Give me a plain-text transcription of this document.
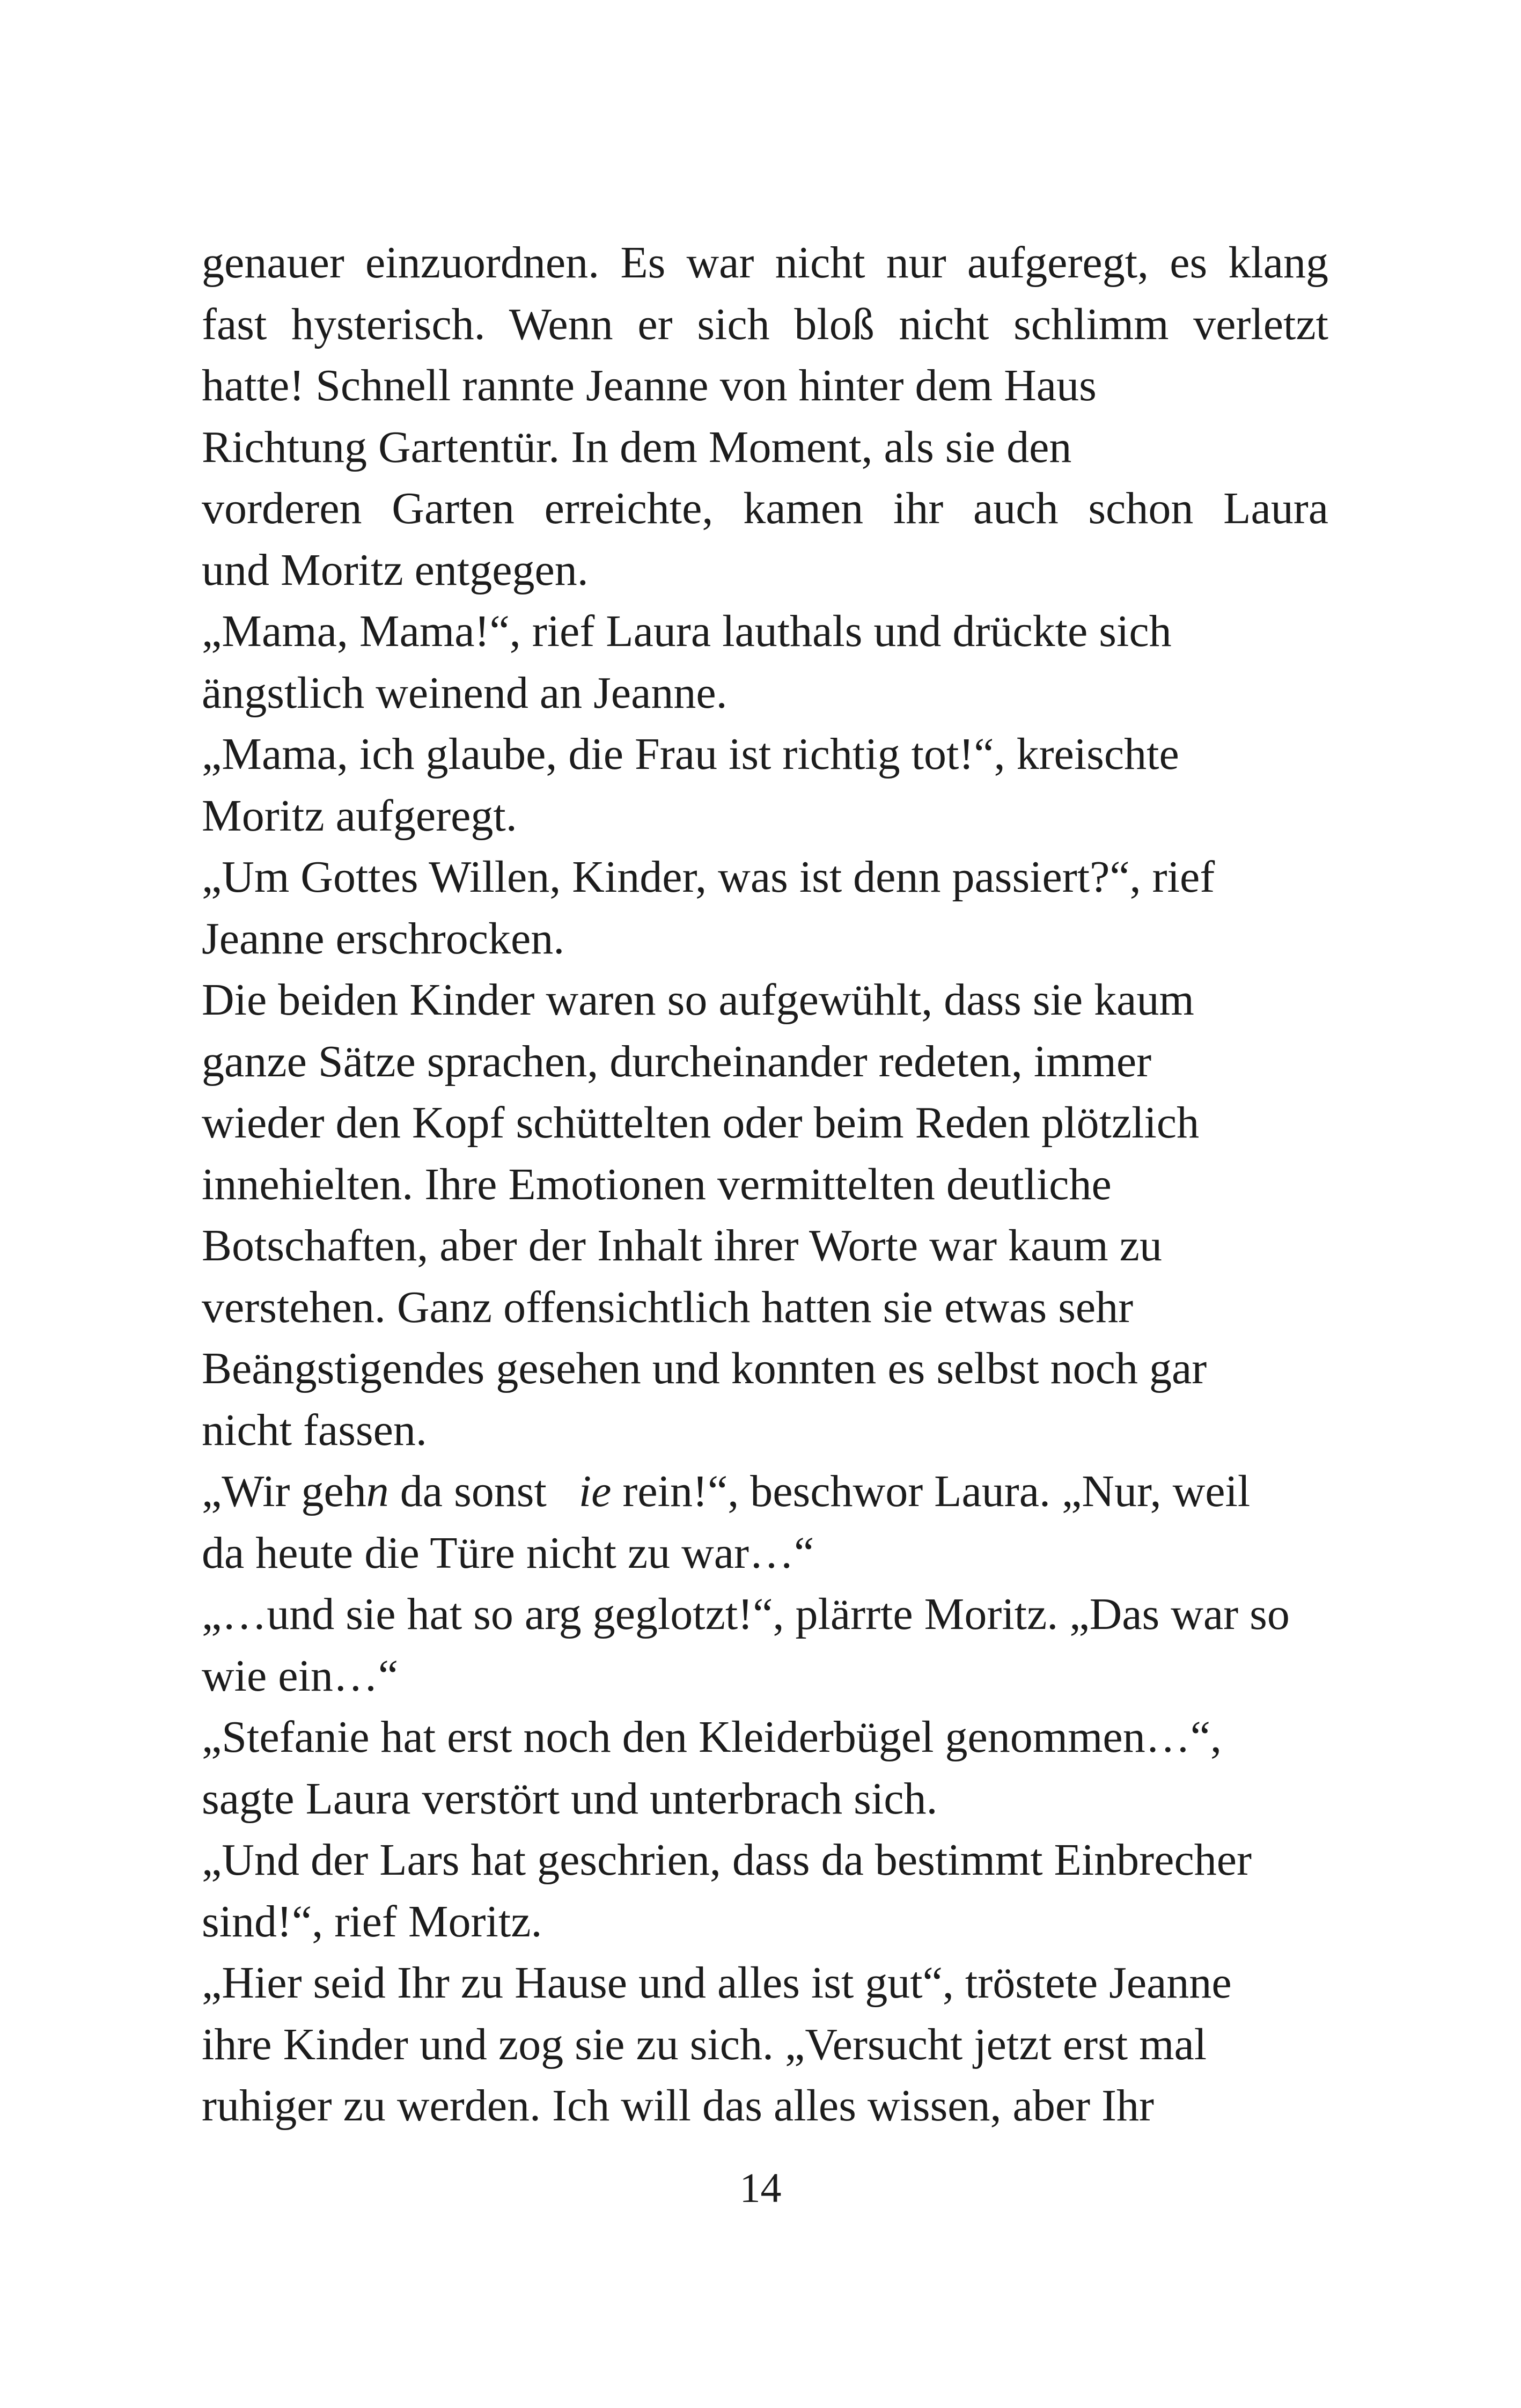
genauer einzuordnen. Es war nicht nur aufgeregt, es klang
fast hysterisch. Wenn er sich bloß nicht schlimm verletzt
hatte! Schnell rannte Jeanne von hinter dem Haus
Richtung Gartentür. In dem Moment, als sie den
vorderen Garten erreichte, kamen ihr auch schon Laura
und Moritz entgegen.
„Mama, Mama!“, rief Laura lauthals und drückte sich
ängstlich weinend an Jeanne.
„Mama, ich glaube, die Frau ist richtig tot!“, kreischte
Moritz aufgeregt.
„Um Gottes Willen, Kinder, was ist denn passiert?“, rief
Jeanne erschrocken.
Die beiden Kinder waren so aufgewühlt, dass sie kaum
ganze Sätze sprachen, durcheinander redeten, immer
wieder den Kopf schüttelten oder beim Reden plötzlich
innehielten. Ihre Emotionen vermittelten deutliche
Botschaften, aber der Inhalt ihrer Worte war kaum zu
verstehen. Ganz offensichtlich hatten sie etwas sehr
Beängstigendes gesehen und konnten es selbst noch gar
nicht fassen.
„Wir gehn da sonst ie rein!“, beschwor Laura. „Nur, weil
da heute die Türe nicht zu war…“
„…und sie hat so arg geglotzt!“, plärrte Moritz. „Das war so
wie ein…“
„Stefanie hat erst noch den Kleiderbügel genommen…“,
sagte Laura verstört und unterbrach sich.
„Und der Lars hat geschrien, dass da bestimmt Einbrecher
sind!“, rief Moritz.
„Hier seid Ihr zu Hause und alles ist gut“, tröstete Jeanne
ihre Kinder und zog sie zu sich. „Versucht jetzt erst mal
ruhiger zu werden. Ich will das alles wissen, aber Ihr
14
